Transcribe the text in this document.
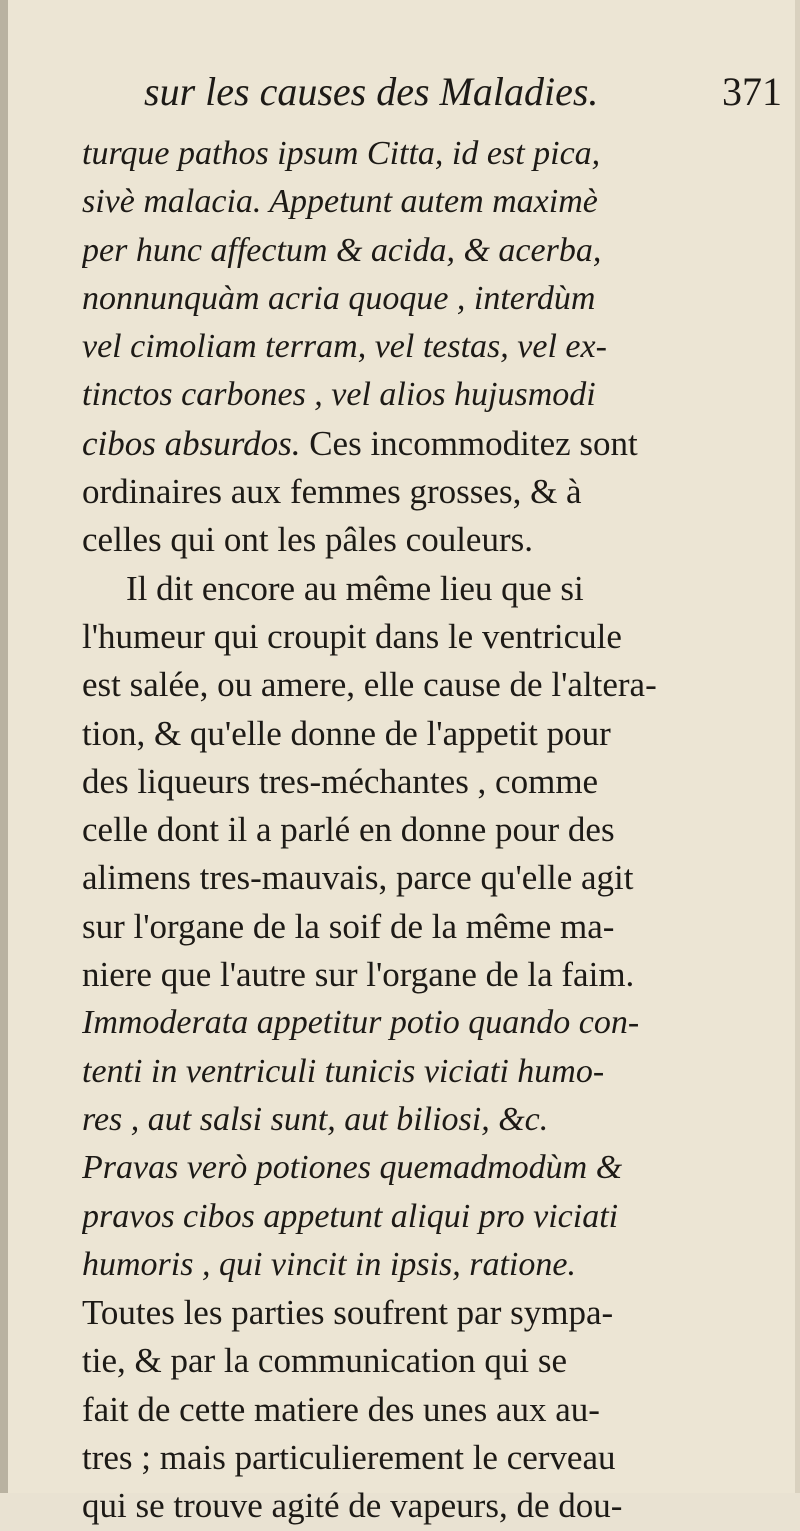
sur les causes des Maladies.	371
turque pathos ipsum Citta, id est pica,
sivè malacia. Appetunt autem maximè
per hunc affectum & acida, & acerba,
nonnunquàm acria quoque , interdùm
vel cimoliam terram, vel testas, vel ex-
tinctos carbones , vel alios hujusmodi
cibos absurdos. Ces incommoditez sont
ordinaires aux femmes grosses, & à
celles qui ont les pâles couleurs.
Il dit encore au même lieu que si
l'humeur qui croupit dans le ventricule
est salée, ou amere, elle cause de l'altera-
tion, & qu'elle donne de l'appetit pour
des liqueurs tres-méchantes , comme
celle dont il a parlé en donne pour des
alimens tres-mauvais, parce qu'elle agit
sur l'organe de la soif de la même ma-
niere que l'autre sur l'organe de la faim.
Immoderata appetitur potio quando con-
tenti in ventriculi tunicis viciati humo-
res , aut salsi sunt, aut biliosi, &c.
Pravas verò potiones quemadmodùm &
pravos cibos appetunt aliqui pro viciati
humoris , qui vincit in ipsis, ratione.
Toutes les parties soufrent par sympa-
tie, & par la communication qui se
fait de cette matiere des unes aux au-
tres ; mais particulierement le cerveau
qui se trouve agité de vapeurs, de dou-
